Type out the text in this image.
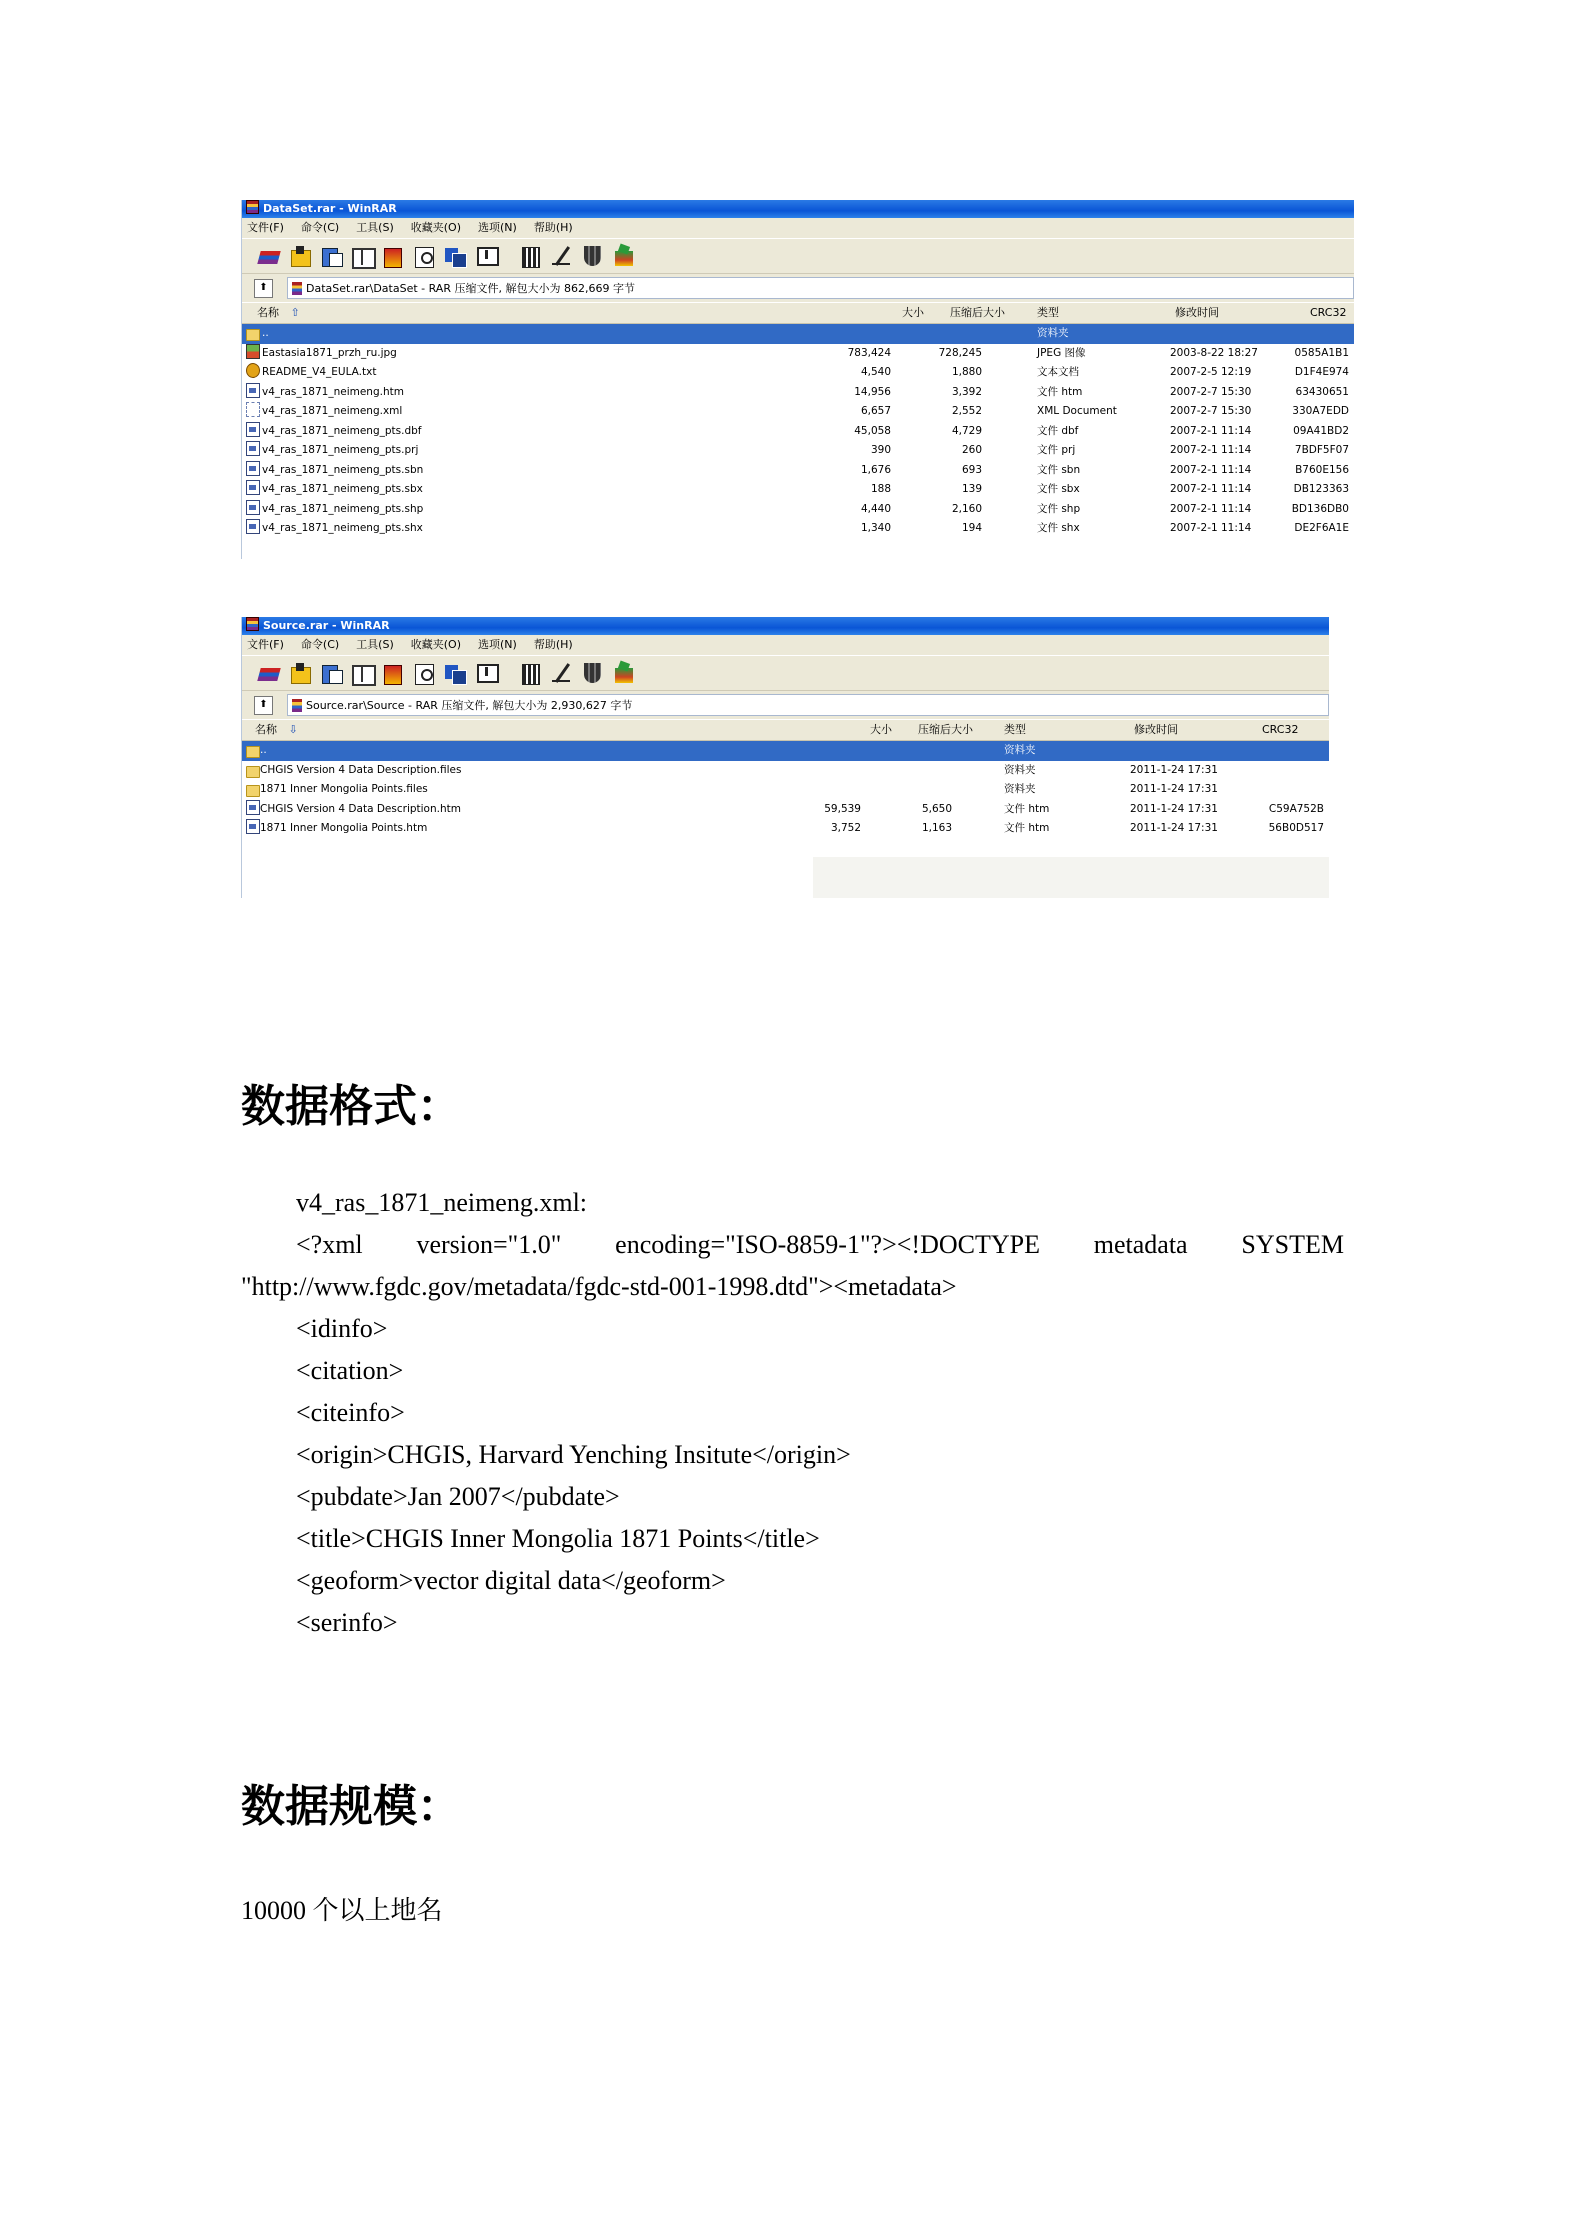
DataSet.rar - WinRAR
文件(F) 命令(C) 工具(S) 收藏夹(O) 选项(N) 帮助(H)
⬆	DataSet.rar\DataSet - RAR 压缩文件, 解包大小为 862,669 字节
名称 ⇧	大小 压缩后大小	类型	修改时间	CRC32
..	资料夹
Eastasia1871_przh_ru.jpg	783,424	728,245	JPEG 图像	2003-8-22 18:27	0585A1B1
README_V4_EULA.txt	4,540	1,880	文本文档	2007-2-5 12:19	D1F4E974
v4_ras_1871_neimeng.htm	14,956	3,392	文件 htm	2007-2-7 15:30	63430651
v4_ras_1871_neimeng.xml	6,657	2,552	XML Document	2007-2-7 15:30	330A7EDD
v4_ras_1871_neimeng_pts.dbf	45,058	4,729	文件 dbf	2007-2-1 11:14	09A41BD2
v4_ras_1871_neimeng_pts.prj	390	260	文件 prj	2007-2-1 11:14	7BDF5F07
v4_ras_1871_neimeng_pts.sbn	1,676	693	文件 sbn	2007-2-1 11:14	B760E156
v4_ras_1871_neimeng_pts.sbx	188	139	文件 sbx	2007-2-1 11:14	DB123363
v4_ras_1871_neimeng_pts.shp	4,440	2,160	文件 shp	2007-2-1 11:14	BD136DB0
v4_ras_1871_neimeng_pts.shx	1,340	194	文件 shx	2007-2-1 11:14	DE2F6A1E
Source.rar - WinRAR
文件(F) 命令(C) 工具(S) 收藏夹(O) 选项(N) 帮助(H)
⬆	Source.rar\Source - RAR 压缩文件, 解包大小为 2,930,627 字节
名称 ⇩	大小 压缩后大小	类型	修改时间	CRC32
..	资料夹
CHGIS Version 4 Data Description.files	资料夹	2011-1-24 17:31
1871 Inner Mongolia Points.files	资料夹	2011-1-24 17:31
CHGIS Version 4 Data Description.htm	59,539	5,650	文件 htm	2011-1-24 17:31	C59A752B
1871 Inner Mongolia Points.htm	3,752	1,163	文件 htm	2011-1-24 17:31	56B0D517
数据格式：

v4_ras_1871_neimeng.xml:

<?xml version="1.0" encoding="ISO-8859-1"?><!DOCTYPE metadata SYSTEM

"http://www.fgdc.gov/metadata/fgdc-std-001-1998.dtd"><metadata>

<idinfo>

<citation>

<citeinfo>

<origin>CHGIS, Harvard Yenching Insitute</origin>

<pubdate>Jan 2007</pubdate>

<title>CHGIS Inner Mongolia 1871 Points</title>

<geoform>vector digital data</geoform>

<serinfo>

数据规模：

10000 个以上地名
